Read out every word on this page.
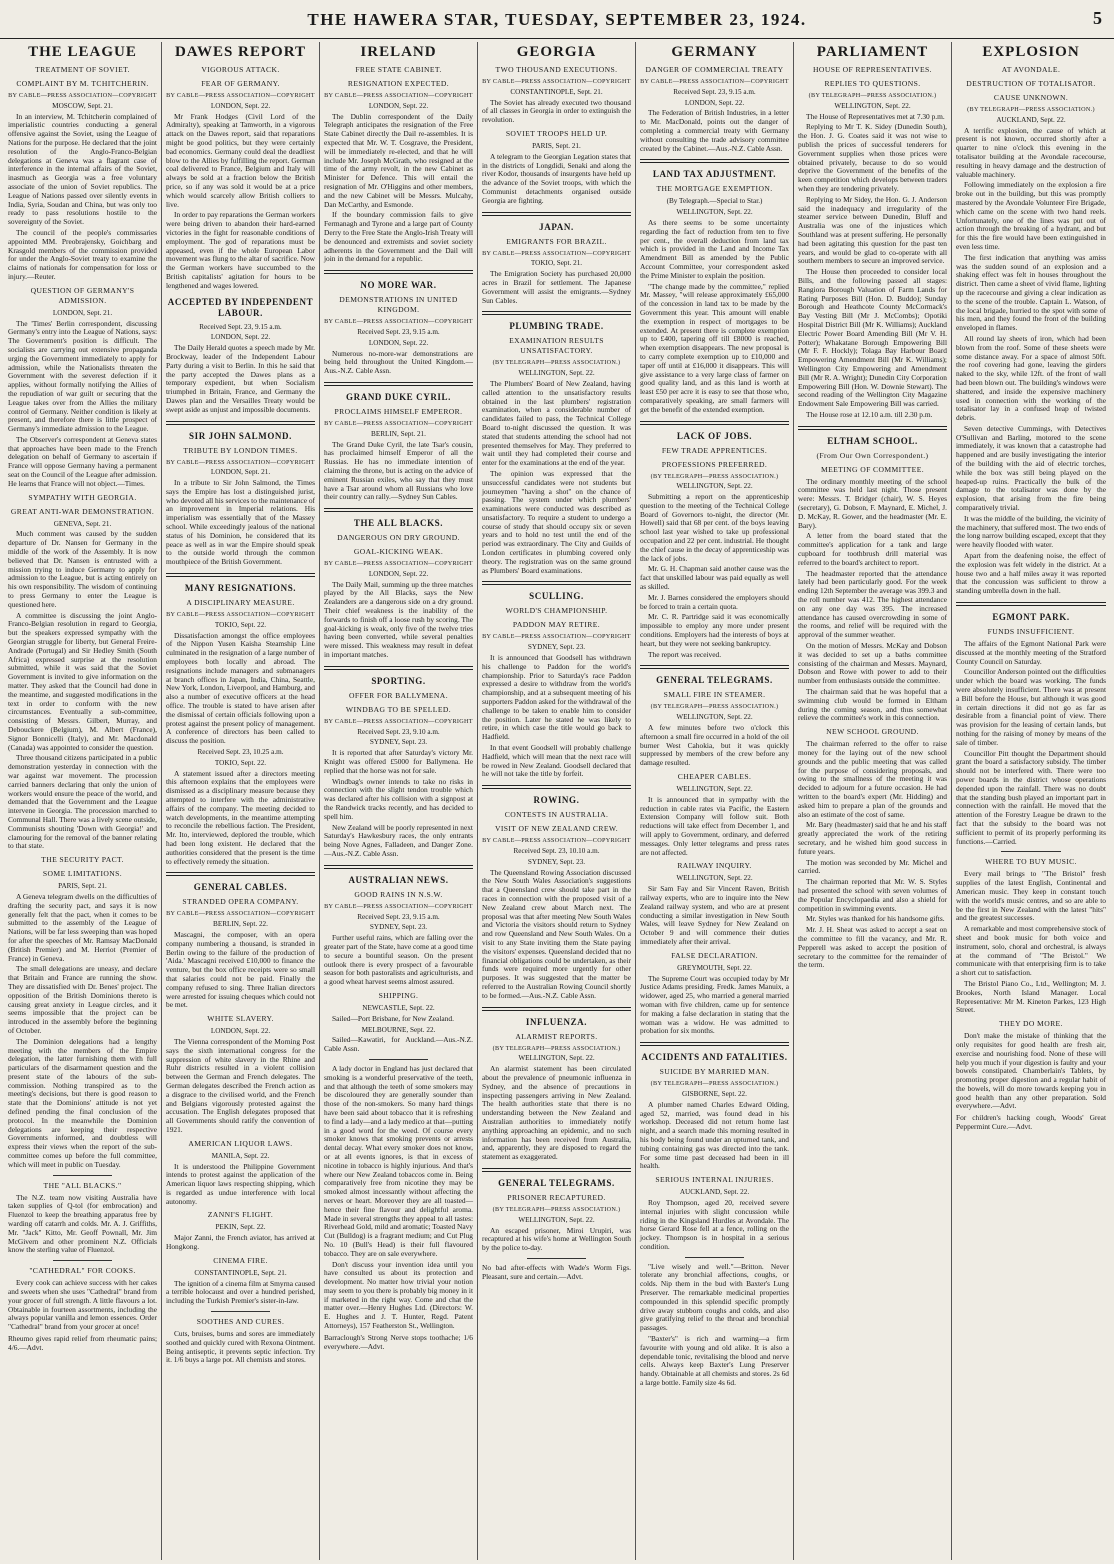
THE HAWERA STAR, TUESDAY, SEPTEMBER 23, 1924.	5
THE LEAGUE
TREATMENT OF SOVIET.
COMPLAINT BY M. TCHITCHERIN.
BY CABLE—PRESS ASSOCIATION—COPYRIGHT
MOSCOW, Sept. 21.
In an interview, M. Tchitcherin complained of imperialistic countries conducting a general offensive against the Soviet, using the League of Nations for the purpose. He declared that the joint resolution of the Anglo-Franco-Belgian delegations at Geneva was a flagrant case of interference in the internal affairs of the Soviet, inasmuch as Georgia was a free voluntary associate of the union of Soviet republics. The League of Nations passed over silently events in India, Syria, Soudan and China, but was only too ready to pass resolutions hostile to the sovereignty of the Soviet.
The council of the people's commissaries appointed MM. Preobrajensky, Goichbarg and Krasgold members of the commission provided for under the Anglo-Soviet treaty to examine the claims of nationals for compensation for loss or injury.—Reuter.
QUESTION OF GERMANY'S ADMISSION.
LONDON, Sept. 21.
The 'Times' Berlin correspondent, discussing Germany's entry into the League of Nations, says: The Government's position is difficult. The socialists are carrying out extensive propaganda urging the Government immediately to apply for admission, while the Nationalists threaten the Government with the severest defection if it applies, without formally notifying the Allies of the repudiation of war guilt or securing that the League takes over from the Allies the military control of Germany. Neither condition is likely at present, and therefore there is little prospect of Germany's immediate admission to the League.
The Observer's correspondent at Geneva states that approaches have been made to the French delegation on behalf of Germany to ascertain if France will oppose Germany having a permanent seat on the Council of the League after admission. He learns that France will not object.—Times.
SYMPATHY WITH GEORGIA.
GREAT ANTI-WAR DEMONSTRATION.
GENEVA, Sept. 21.
Much comment was caused by the sudden departure of Dr. Nansen for Germany in the middle of the work of the Assembly. It is now believed that Dr. Nansen is entrusted with a mission trying to induce Germany to apply for admission to the League, but is acting entirely on his own responsibility. The wisdom of continuing to press Germany to enter the League is questioned here.
A committee is discussing the joint Anglo-Franco-Belgian resolution in regard to Georgia, but the speakers expressed sympathy with the Georgian struggle for liberty, but General Freire-Andrade (Portugal) and Sir Hedley Smith (South Africa) expressed surprise at the resolution submitted, while it was said that the Soviet Government is invited to give information on the matter. They asked that the Council had done in the meantime, and suggested modifications in the text in order to conform with the new circumstances. Eventually a sub-committee, consisting of Messrs. Gilbert, Murray, and Debouckere (Belgium), M. Albert (France), Signor Bonnicelli (Italy), and Mr. Macdonald (Canada) was appointed to consider the question.
Three thousand citizens participated in a public demonstration yesterday in connection with the war against war movement. The procession carried banners declaring that only the union of workers would ensure the peace of the world, and demanded that the Government and the League intervene in Georgia. The procession marched to Communal Hall. There was a lively scene outside, Communists shouting 'Down with Georgia!' and clamouring for the removal of the banner relating to that state.
THE SECURITY PACT.
SOME LIMITATIONS.
PARIS, Sept. 21.
A Geneva telegram dwells on the difficulties of drafting the security pact, and says it is now generally felt that the pact, when it comes to be submitted to the assembly of the League of Nations, will be far less sweeping than was hoped for after the speeches of Mr. Ramsay MacDonald (British Premier) and M. Herriot (Premier of France) in Geneva.
The small delegations are uneasy, and declare that Britain and France are running the show. They are dissatisfied with Dr. Benes' project. The opposition of the British Dominions thereto is causing great anxiety in League circles, and it seems impossible that the project can be introduced in the assembly before the beginning of October.
The Dominion delegations had a lengthy meeting with the members of the Empire delegation, the latter furnishing them with full particulars of the disarmament question and the present state of the labours of the sub-commission. Nothing transpired as to the meeting's decisions, but there is good reason to state that the Dominions' attitude is not yet defined pending the final conclusion of the protocol. In the meanwhile the Dominion delegations are keeping their respective Governments informed, and doubtless will express their views when the report of the sub-committee comes up before the full committee, which will meet in public on Tuesday.
THE "ALL BLACKS."
The N.Z. team now visiting Australia have taken supplies of Q-tol (for embrocation) and Fluenzol to keep the breathing apparatus free by warding off catarrh and colds. Mr. A. J. Griffiths, Mr. "Jack" Kitto, Mr. Geoff Pownall, Mr. Jim McGivern and other prominent N.Z. Officials know the sterling value of Fluenzol.
"CATHEDRAL" FOR COOKS.
Every cook can achieve success with her cakes and sweets when she uses "Cathedral" brand from your grocer of full strength. A little flavours a lot. Obtainable in fourteen assortments, including the always popular vanilla and lemon essences. Order "Cathedral" brand from your grocer at once!
Rheumo gives rapid relief from rheumatic pains; 4/6.—Advt.
DAWES REPORT
VIGOROUS ATTACK.
FEAR OF GERMANY.
BY CABLE—PRESS ASSOCIATION—COPYRIGHT
LONDON, Sept. 22.
Mr Frank Hodges (Civil Lord of the Admiralty), speaking at Tamworth, in a vigorous attack on the Dawes report, said that reparations might be good politics, but they were certainly bad economics. Germany could deal the deadliest blow to the Allies by fulfilling the report. German coal delivered to France, Belgium and Italy will always be sold at a fraction below the British price, so if any was sold it would be at a price which would scarcely allow British colliers to live.
In order to pay reparations the German workers were being driven to abandon their hard-earned victories in the fight for reasonable conditions of employment. The god of reparations must be appeased, even if the whole European Labor movement was flung to the altar of sacrifice. Now the German workers have succumbed to the British capitalists' agitation for hours to be lengthened and wages lowered.
ACCEPTED BY INDEPENDENT LABOUR.
Received Sept. 23, 9.15 a.m.
LONDON, Sept. 22.
The Daily Herald quotes a speech made by Mr. Brockway, leader of the Independent Labour Party during a visit to Berlin. In this he said that the party accepted the Dawes plans as a temporary expedient, but when Socialism triumphed in Britain, France, and Germany the Dawes plan and the Versailles Treaty would be swept aside as unjust and impossible documents.
SIR JOHN SALMOND.
TRIBUTE BY LONDON TIMES.
BY CABLE—PRESS ASSOCIATION—COPYRIGHT
LONDON, Sept. 21.
In a tribute to Sir John Salmond, the Times says the Empire has lost a distinguished jurist, who devoted all his services to the maintenance of an improvement in Imperial relations. His imperialism was essentially that of the Massey school. While exceedingly jealous of the national status of his Dominion, he considered that its peace as well as in war the Empire should speak to the outside world through the common mouthpiece of the British Government.
MANY RESIGNATIONS.
A DISCIPLINARY MEASURE.
BY CABLE—PRESS ASSOCIATION—COPYRIGHT
TOKIO, Sept. 22.
Dissatisfaction amongst the office employees of the Nippon Yusen Kaisha Steamship Line culminated in the resignation of a large number of employees both locally and abroad. The resignations include managers and submanagers at branch offices in Japan, India, China, Seattle, New York, London, Liverpool, and Hamburg, and also a number of executive officers at the head office. The trouble is stated to have arisen after the dismissal of certain officials following upon a protest against the present policy of management. A conference of directors has been called to discuss the position.
Received Sept. 23, 10.25 a.m.
TOKIO, Sept. 22.
A statement issued after a directors meeting this afternoon explains that the employees were dismissed as a disciplinary measure because they attempted to interfere with the administrative affairs of the company. The meeting decided to watch developments, in the meantime attempting to reconcile the rebellious faction. The President, Mr. Ito, interviewed, deplored the trouble, which had been long existent. He declared that the authorities considered that the present is the time to effectively remedy the situation.
GENERAL CABLES.
STRANDED OPERA COMPANY.
BY CABLE—PRESS ASSOCIATION—COPYRIGHT
BERLIN, Sept. 22.
Mascagni, the composer, with an opera company numbering a thousand, is stranded in Berlin owing to the failure of the production of 'Aida.' Mascagni received £10,000 to finance the venture, but the box office receipts were so small that salaries could not be paid. Finally the company refused to sing. Three Italian directors were arrested for issuing cheques which could not be met.
WHITE SLAVERY.
LONDON, Sept. 22.
The Vienna correspondent of the Morning Post says the sixth international congress for the suppression of white slavery in the Rhine and Ruhr districts resulted in a violent collision between the German and French delegates. The German delegates described the French action as a disgrace to the civilised world, and the French and Belgians vigorously protested against the accusation. The English delegates proposed that all Governments should ratify the convention of 1921.
AMERICAN LIQUOR LAWS.
MANILA, Sept. 22.
It is understood the Philippine Government intends to protest against the application of the American liquor laws respecting shipping, which is regarded as undue interference with local autonomy.
ZANNI'S FLIGHT.
PEKIN, Sept. 22.
Major Zanni, the French aviator, has arrived at Hongkong.
CINEMA FIRE.
CONSTANTINOPLE, Sept. 21.
The ignition of a cinema film at Smyrna caused a terrible holocaust and over a hundred perished, including the Turkish Premier's sister-in-law.
SOOTHES AND CURES.
Cuts, bruises, burns and sores are immediately soothed and quickly cured with Rexona Ointment. Being antiseptic, it prevents septic infection. Try it. 1/6 buys a large pot. All chemists and stores.
IRELAND
FREE STATE CABINET.
RESIGNATION EXPECTED.
BY CABLE—PRESS ASSOCIATION—COPYRIGHT
LONDON, Sept. 22.
The Dublin correspondent of the Daily Telegraph anticipates the resignation of the Free State Cabinet directly the Dail re-assembles. It is expected that Mr. W. T. Cosgrave, the President, will be immediately re-elected, and that he will include Mr. Joseph McGrath, who resigned at the time of the army revolt, in the new Cabinet as Minister for Defence. This will entail the resignation of Mr. O'Higgins and other members, and the new Cabinet will be Messrs. Mulcahy, Dan McCarthy, and Esmonde.
If the boundary commission fails to give Fermanagh and Tyrone and a large part of County Derry to the Free State the Anglo-Irish Treaty will be denounced and extremists and soviet society adherents in the Government and the Dail will join in the demand for a republic.
NO MORE WAR.
DEMONSTRATIONS IN UNITED KINGDOM.
BY CABLE—PRESS ASSOCIATION—COPYRIGHT
Received Sept. 23, 9.15 a.m.
LONDON, Sept. 22.
Numerous no-more-war demonstrations are being held throughout the United Kingdom.—Aus.-N.Z. Cable Assn.
GRAND DUKE CYRIL.
PROCLAIMS HIMSELF EMPEROR.
BY CABLE—PRESS ASSOCIATION—COPYRIGHT
BERLIN, Sept. 21.
The Grand Duke Cyril, the late Tsar's cousin, has proclaimed himself Emperor of all the Russias. He has no immediate intention of claiming the throne, but is acting on the advice of eminent Russian exiles, who say that they must have a Tsar around whom all Russians who love their country can rally.—Sydney Sun Cables.
THE ALL BLACKS.
DANGEROUS ON DRY GROUND.
GOAL-KICKING WEAK.
BY CABLE—PRESS ASSOCIATION—COPYRIGHT
LONDON, Sept. 22.
The Daily Mail, summing up the three matches played by the All Blacks, says the New Zealanders are a dangerous side on a dry ground. Their chief weakness is the inability of the forwards to finish off a loose rush by scoring. The goal-kicking is weak, only five of the twelve tries having been converted, while several penalties were missed. This weakness may result in defeat in important matches.
SPORTING.
OFFER FOR BALLYMENA.
WINDBAG TO BE SPELLED.
BY CABLE—PRESS ASSOCIATION—COPYRIGHT
Received Sept. 23, 9.10 a.m.
SYDNEY, Sept. 23.
It is reported that after Saturday's victory Mr. Knight was offered £5000 for Ballymena. He replied that the horse was not for sale.
Windbag's owner intends to take no risks in connection with the slight tendon trouble which was declared after his collision with a signpost at the Randwick tracks recently, and has decided to spell him.
New Zealand will be poorly represented in next Saturday's Hawkesbury races, the only entrants being Nove Agnes, Falladeen, and Danger Zone.—Aus.-N.Z. Cable Assn.
AUSTRALIAN NEWS.
GOOD RAINS IN N.S.W.
BY CABLE—PRESS ASSOCIATION—COPYRIGHT
Received Sept. 23, 9.15 a.m.
SYDNEY, Sept. 23.
Further useful rains, which are falling over the greater part of the State, have come at a good time to secure a bountiful season. On the present outlook there is every prospect of a favourable season for both pastoralists and agriculturists, and a good wheat harvest seems almost assured.
SHIPPING.
NEWCASTLE, Sept. 22.
Sailed—Port Brisbane, for New Zealand.
MELBOURNE, Sept. 22.
Sailed—Kawatiri, for Auckland.—Aus.-N.Z. Cable Assn.
A lady doctor in England has just declared that smoking is a wonderful preservative of the teeth, and that although the teeth of some smokers may be discoloured they are generally sounder than those of the non-smokers. So many hard things have been said about tobacco that it is refreshing to find a lady—and a lady medico at that—putting in a good word for the weed. Of course every smoker knows that smoking prevents or arrests dental decay. What every smoker does not know, or at all events ignores, is that in excess of nicotine in tobacco is highly injurious. And that's where our New Zealand tobaccos come in. Being comparatively free from nicotine they may be smoked almost incessantly without affecting the nerves or heart. Moreover they are all toasted—hence their fine flavour and delightful aroma. Made in several strengths they appeal to all tastes: Riverhead Gold, mild and aromatic; Toasted Navy Cut (Bulldog) is a fragrant medium; and Cut Plug No. 10 (Bull's Head) is their full flavoured tobacco. They are on sale everywhere.
Don't discuss your invention idea until you have consulted us about its protection and development. No matter how trivial your notion may seem to you there is probably big money in it if marketed in the right way. Come and chat the matter over.—Henry Hughes Ltd. (Directors: W. E. Hughes and J. T. Hunter, Regd. Patent Attorneys), 157 Featherston St., Wellington.
Barraclough's Strong Nerve stops toothache; 1/6 everywhere.—Advt.
GEORGIA
TWO THOUSAND EXECUTIONS.
BY CABLE—PRESS ASSOCIATION—COPYRIGHT
CONSTANTINOPLE, Sept. 21.
The Soviet has already executed two thousand of all classes in Georgia in order to extinguish the revolution.
SOVIET TROOPS HELD UP.
PARIS, Sept. 21.
A telegram to the Georgian Legation states that in the districts of Longdidi, Senaki and along the river Kodor, thousands of insurgents have held up the advance of the Soviet troops, with which the Communist detachments organised outside Georgia are fighting.
JAPAN.
EMIGRANTS FOR BRAZIL.
BY CABLE—PRESS ASSOCIATION—COPYRIGHT
TOKIO, Sept. 21.
The Emigration Society has purchased 20,000 acres in Brazil for settlement. The Japanese Government will assist the emigrants.—Sydney Sun Cables.
PLUMBING TRADE.
EXAMINATION RESULTS UNSATISFACTORY.
(BY TELEGRAPH—PRESS ASSOCIATION.)
WELLINGTON, Sept. 22.
The Plumbers' Board of New Zealand, having called attention to the unsatisfactory results obtained in the last plumbers' registration examination, when a considerable number of candidates failed to pass, the Technical College Board to-night discussed the question. It was stated that students attending the school had not presented themselves for May. They preferred to wait until they had completed their course and enter for the examinations at the end of the year.
The opinion was expressed that the unsuccessful candidates were not students but journeymen "having a shot" on the chance of passing. The system under which plumbers' examinations were conducted was described as unsatisfactory. To require a student to undergo a course of study that should occupy six or seven years and to hold no test until the end of the period was extraordinary. The City and Guilds of London certificates in plumbing covered only theory. The registration was on the same ground as Plumbers' Board examinations.
SCULLING.
WORLD'S CHAMPIONSHIP.
PADDON MAY RETIRE.
BY CABLE—PRESS ASSOCIATION—COPYRIGHT
SYDNEY, Sept. 23.
It is announced that Goodsell has withdrawn his challenge to Paddon for the world's championship. Prior to Saturday's race Paddon expressed a desire to withdraw from the world's championship, and at a subsequent meeting of his supporters Paddon asked for the withdrawal of the challenge to be taken to enable him to consider the position. Later he stated he was likely to retire, in which case the title would go back to Hadfield.
In that event Goodsell will probably challenge Hadfield, which will mean that the next race will be rowed in New Zealand. Goodsell declared that he will not take the title by forfeit.
ROWING.
CONTESTS IN AUSTRALIA.
VISIT OF NEW ZEALAND CREW.
BY CABLE—PRESS ASSOCIATION—COPYRIGHT
Received Sept. 23, 10.10 a.m.
SYDNEY, Sept. 23.
The Queensland Rowing Association discussed the New South Wales Association's suggestions that a Queensland crew should take part in the races in connection with the proposed visit of a New Zealand crew about March next. The proposal was that after meeting New South Wales and Victoria the visitors should return to Sydney and row Queensland and New South Wales. On a visit to any State inviting them the State paying the visitors' expenses. Queensland decided that no financial obligations could be undertaken, as their funds were required more urgently for other purposes. It was suggested that the matter be referred to the Australian Rowing Council shortly to be formed.—Aus.-N.Z. Cable Assn.
INFLUENZA.
ALARMIST REPORTS.
(BY TELEGRAPH—PRESS ASSOCIATION.)
WELLINGTON, Sept. 22.
An alarmist statement has been circulated about the prevalence of pneumonic influenza in Sydney, and the absence of precautions in inspecting passengers arriving in New Zealand. The health authorities state that there is no understanding between the New Zealand and Australian authorities to immediately notify anything approaching an epidemic, and no such information has been received from Australia, and, apparently, they are disposed to regard the statement as exaggerated.
GENERAL TELEGRAMS.
PRISONER RECAPTURED.
(BY TELEGRAPH—PRESS ASSOCIATION.)
WELLINGTON, Sept. 22.
An escaped prisoner, Miroi Urupiri, was recaptured at his wife's home at Wellington South by the police to-day.
No bad after-effects with Wade's Worm Figs. Pleasant, sure and certain.—Advt.
GERMANY
DANGER OF COMMERCIAL TREATY
BY CABLE—PRESS ASSOCIATION—COPYRIGHT
Received Sept. 23, 9.15 a.m.
LONDON, Sept. 22.
The Federation of British Industries, in a letter to Mr. MacDonald, points out the danger of completing a commercial treaty with Germany without consulting the trade advisory committee created by the Cabinet.—Aus.-N.Z. Cable Assn.
LAND TAX ADJUSTMENT.
THE MORTGAGE EXEMPTION.
(By Telegraph.—Special to Star.)
WELLINGTON, Sept. 22.
As there seems to be some uncertainty regarding the fact of reduction from ten to five per cent., the overall deduction from land tax which is provided in the Land and Income Tax Amendment Bill as amended by the Public Account Committee, your correspondent asked the Prime Minister to explain the position.
"The change made by the committee," replied Mr. Massey, "will release approximately £65,000 of the concession in land tax to be made by the Government this year. This amount will enable the exemption in respect of mortgages to be extended. At present there is complete exemption up to £400, tapering off till £8000 is reached, when exemption disappears. The new proposal is to carry complete exemption up to £10,000 and taper off until at £16,000 it disappears. This will give assistance to a very large class of farmer on good quality land, and as this land is worth at least £50 per acre it is easy to see that those who, comparatively speaking, are small farmers will get the benefit of the extended exemption.
LACK OF JOBS.
FEW TRADE APPRENTICES.
PROFESSIONS PREFERRED.
(BY TELEGRAPH—PRESS ASSOCIATION.)
WELLINGTON, Sept. 22.
Submitting a report on the apprenticeship question to the meeting of the Technical College Board of Governors to-night, the director (Mr. Howell) said that 68 per cent. of the boys leaving school last year wished to take up professional occupation and 22 per cent. industrial. He thought the chief cause in the decay of apprenticeship was the lack of jobs.
Mr. G. H. Chapman said another cause was the fact that unskilled labour was paid equally as well as skilled.
Mr. J. Barnes considered the employers should be forced to train a certain quota.
Mr. C. R. Partridge said it was economically impossible to employ any more under present conditions. Employers had the interests of boys at heart, but they were not seeking bankruptcy.
The report was received.
GENERAL TELEGRAMS.
SMALL FIRE IN STEAMER.
(BY TELEGRAPH—PRESS ASSOCIATION.)
WELLINGTON, Sept. 22.
A few minutes before two o'clock this afternoon a small fire occurred in a hold of the oil burner West Cahokia, but it was quickly suppressed by members of the crew before any damage resulted.
CHEAPER CABLES.
WELLINGTON, Sept. 22.
It is announced that in sympathy with the reduction in cable rates via Pacific, the Eastern Extension Company will follow suit. Both reductions will take effect from December 1, and will apply to Government, ordinary, and deferred messages. Only letter telegrams and press rates are not affected.
RAILWAY INQUIRY.
WELLINGTON, Sept. 22.
Sir Sam Fay and Sir Vincent Raven, British railway experts, who are to inquire into the New Zealand railway system, and who are at present conducting a similar investigation in New South Wales, will leave Sydney for New Zealand on October 9 and will commence their duties immediately after their arrival.
FALSE DECLARATION.
GREYMOUTH, Sept. 22.
The Supreme Court was occupied today by Mr Justice Adams presiding. Fredk. James Manuix, a widower, aged 25, who married a general married woman with five children, came up for sentence for making a false declaration in stating that the woman was a widow. He was admitted to probation for six months.
ACCIDENTS AND FATALITIES.
SUICIDE BY MARRIED MAN.
(BY TELEGRAPH—PRESS ASSOCIATION.)
GISBORNE, Sept. 22.
A plumber named Charles Edward Olding, aged 52, married, was found dead in his workshop. Deceased did not return home last night, and a search made this morning resulted in his body being found under an upturned tank, and tubing containing gas was directed into the tank. For some time past deceased had been in ill health.
SERIOUS INTERNAL INJURIES.
AUCKLAND, Sept. 22.
Roy Thompson, aged 20, received severe internal injuries with slight concussion while riding in the Kingsland Hurdles at Avondale. The horse Gerard Rose fell at a fence, rolling on the jockey. Thompson is in hospital in a serious condition.
"Live wisely and well."—Britton. Never tolerate any bronchial affections, coughs, or colds. Nip them in the bud with Baxter's Lung Preserver. The remarkable medicinal properties compounded in this splendid specific promptly drive away stubborn coughs and colds, and also give gratifying relief to the throat and bronchial passages.
"Baxter's" is rich and warming—a firm favourite with young and old alike. It is also a dependable tonic, revitalising the blood and nerve cells. Always keep Baxter's Lung Preserver handy. Obtainable at all chemists and stores. 2s 6d a large bottle. Family size 4s 6d.
PARLIAMENT
HOUSE OF REPRESENTATIVES.
REPLIES TO QUESTIONS.
(BY TELEGRAPH—PRESS ASSOCIATION.)
WELLINGTON, Sept. 22.
The House of Representatives met at 7.30 p.m.
Replying to Mr T. K. Sidey (Dunedin South), the Hon. J. G. Coates said it was not wise to publish the prices of successful tenderers for Government supplies when those prices were obtained privately, because to do so would deprive the Government of the benefits of the keen competition which develops between traders when they are tendering privately.
Replying to Mr Sidey, the Hon. G. J. Anderson said the inadequacy and irregularity of the steamer service between Dunedin, Bluff and Australia was one of the injustices which Southland was at present suffering. He personally had been agitating this question for the past ten years, and would be glad to co-operate with all southern members to secure an improved service.
The House then proceeded to consider local Bills, and the following passed all stages: Rangiora Borough Valuation of Farm Lands for Rating Purposes Bill (Hon. D. Buddo); Sunday Borough and Heathcote County McCormack's Bay Vesting Bill (Mr J. McCombs); Opotiki Hospital District Bill (Mr K. Williams); Auckland Electric Power Board Amending Bill (Mr V. H. Potter); Whakatane Borough Empowering Bill (Mr F. F. Hockly); Tolaga Bay Harbour Board Empowering Amendment Bill (Mr K. Williams); Wellington City Empowering and Amendment Bill (Mr R. A. Wright); Dunedin City Corporation Empowering Bill (Hon. W. Downie Stewart). The second reading of the Wellington City Magazine Endowment Sale Empowering Bill was carried.
The House rose at 12.10 a.m. till 2.30 p.m.
ELTHAM SCHOOL.
(From Our Own Correspondent.)
MEETING OF COMMITTEE.
The ordinary monthly meeting of the school committee was held last night. Those present were: Messrs. T. Bridger (chair), W. S. Heyes (secretary), G. Dobson, F. Maynard, E. Michel, J. D. McKay, R. Gower, and the headmaster (Mr. E. Bary).
A letter from the board stated that the committee's application for a tank and large cupboard for toothbrush drill material was referred to the board's architect to report.
The headmaster reported that the attendance lately had been particularly good. For the week ending 12th September the average was 399.3 and the roll number was 412. The highest attendance on any one day was 395. The increased attendance has caused overcrowding in some of the rooms, and relief will be required with the approval of the summer weather.
On the motion of Messrs. McKay and Dobson it was decided to set up a baths committee consisting of the chairman and Messrs. Maynard, Dobson and Rowe with power to add to their number from enthusiasts outside the committee.
The chairman said that he was hopeful that a swimming club would be formed in Eltham during the coming season, and thus somewhat relieve the committee's work in this connection.
NEW SCHOOL GROUND.
The chairman referred to the offer to raise money for the laying out of the new school grounds and the public meeting that was called for the purpose of considering proposals, and owing to the smallness of the meeting it was decided to adjourn for a future occasion. He had written to the board's expert (Mr. Hidding) and asked him to prepare a plan of the grounds and also an estimate of the cost of same.
Mr. Bary (headmaster) said that he and his staff greatly appreciated the work of the retiring secretary, and he wished him good success in future years.
The motion was seconded by Mr. Michel and carried.
The chairman reported that Mr. W. S. Styles had presented the school with seven volumes of the Popular Encyclopaedia and also a shield for competition in swimming events.
Mr. Styles was thanked for his handsome gifts.
Mr. J. H. Sheat was asked to accept a seat on the committee to fill the vacancy, and Mr. R. Pepperell was asked to accept the position of secretary to the committee for the remainder of the term.
EXPLOSION
AT AVONDALE.
DESTRUCTION OF TOTALISATOR.
CAUSE UNKNOWN.
(BY TELEGRAPH—PRESS ASSOCIATION.)
AUCKLAND, Sept. 22.
A terrific explosion, the cause of which at present is not known, occurred shortly after a quarter to nine o'clock this evening in the totalisator building at the Avondale racecourse, resulting in heavy damage and the destruction of valuable machinery.
Following immediately on the explosion a fire broke out in the building, but this was promptly mastered by the Avondale Volunteer Fire Brigade, which came on the scene with two hand reels. Unfortunately, one of the lines was put out of action through the breaking of a hydrant, and but for this the fire would have been extinguished in even less time.
The first indication that anything was amiss was the sudden sound of an explosion and a shaking effect was felt in houses throughout the district. Then came a sheet of vivid flame, lighting up the racecourse and giving a clear indication as to the scene of the trouble. Captain L. Watson, of the local brigade, hurried to the spot with some of his men, and they found the front of the building enveloped in flames.
All round lay sheets of iron, which had been blown from the roof. Some of these sheets were some distance away. For a space of almost 50ft. the roof covering had gone, leaving the girders naked to the sky, while 12ft. of the front of wall had been blown out. The building's windows were shattered, and inside the expensive machinery used in connection with the working of the totalisator lay in a confused heap of twisted debris.
Seven detective Cummings, with Detectives O'Sullivan and Barling, motored to the scene immediately, it was known that a catastrophe had happened and are busily investigating the interior of the building with the aid of electric torches, while the box was still being played on the heaped-up ruins. Practically the bulk of the damage to the totalisator was done by the explosion, that arising from the fire being comparatively trivial.
It was the middle of the building, the vicinity of the machinery, that suffered most. The two ends of the long narrow building escaped, except that they were heavily flooded with water.
Apart from the deafening noise, the effect of the explosion was felt widely in the district. At a house two and a half miles away it was reported that the concussion was sufficient to throw a standing umbrella down in the hall.
EGMONT PARK.
FUNDS INSUFFICIENT.
The affairs of the Egmont National Park were discussed at the monthly meeting of the Stratford County Council on Saturday.
Councillor Anderson pointed out the difficulties under which the board was working. The funds were absolutely insufficient. There was at present a Bill before the House, but although it was good in certain directions it did not go as far as desirable from a financial point of view. There was provision for the leasing of certain lands, but nothing for the raising of money by means of the sale of timber.
Councillor Pitt thought the Department should grant the board a satisfactory subsidy. The timber should not be interfered with. There were too power boards in the district whose operations depended upon the rainfall. There was no doubt that the standing bush played an important part in connection with the rainfall. He moved that the attention of the Forestry League be drawn to the fact that the subsidy to the board was not sufficient to permit of its properly performing its functions.—Carried.
WHERE TO BUY MUSIC.
Every mail brings to "The Bristol" fresh supplies of the latest English, Continental and American music. They keep in constant touch with the world's music centres, and so are able to be the first in New Zealand with the latest "hits" and the greatest successes.
A remarkable and most comprehensive stock of sheet and book music for both voice and instrument, solo, choral and orchestral, is always at the command of "The Bristol." We communicate with that enterprising firm is to take a short cut to satisfaction.
The Bristol Piano Co., Ltd., Wellington; M. J. Brookes, North Island Manager. Local Representative: Mr M. Kineton Parkes, 123 High Street.
THEY DO MORE.
Don't make the mistake of thinking that the only requisites for good health are fresh air, exercise and nourishing food. None of these will help you much if your digestion is faulty and your bowels constipated. Chamberlain's Tablets, by promoting proper digestion and a regular habit of the bowels, will do more towards keeping you in good health than any other preparation. Sold everywhere.—Advt.
For children's hacking cough, Woods' Great Peppermint Cure.—Advt.
